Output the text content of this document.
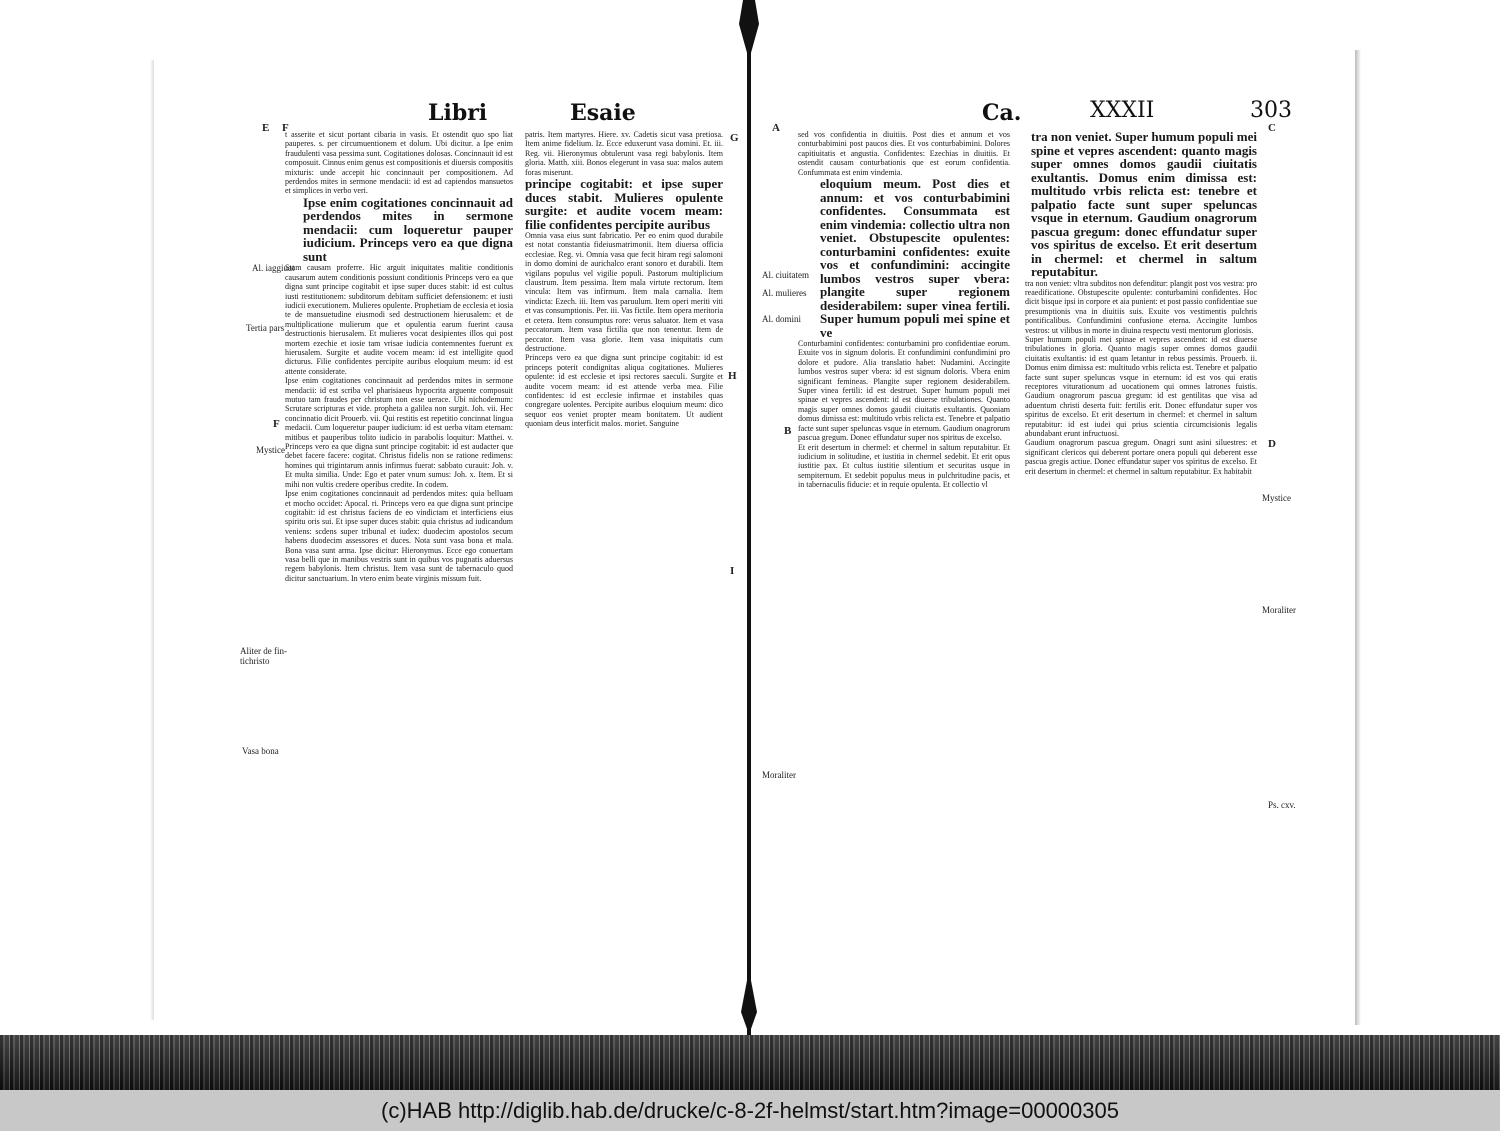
Libri	Esaie
E F
Al. iaggiuat
Tertia pars
F
Mystice
Aliter de fin-
tichristo
Vasa bona
G
H
I

t asserite et sicut portant cibaria in vasis. Et ostendit quo spo liat pauperes. s. per circumuentionem et dolum. Ubi dicitur. a Ipe enim fraudulenti vasa pessima sunt. Cogitationes dolosas. Concinnauit id est composuit. Cinnus enim genus est compositionis et diuersis compositis mixturis: unde accepit hic concinnauit per compositionem. Ad perdendos mites in sermone mendacii: id est ad capiendos mansuetos et simplices in verbo veri.

Ipse enim cogitationes concinnauit ad perdendos mites in sermone mendacii: cum loqueretur pauper iudicium. Princeps vero ea que digna sunt

Stam causam proferre. Hic arguit iniquitates malitie conditionis causarum autem conditionis possiunt conditionis Princeps vero ea que digna sunt principe cogitabit et ipse super duces stabit: id est cultus iusti restitutionem: subditorum debitam sufficiet defensionem: et iusti iudicii executionem. Mulieres opulente. Prophetiam de ecclesia et iosia te de mansuetudine eiusmodi sed destructionem hierusalem: et de multiplicatione mulierum que et opulentia earum fuerint causa destructionis hierusalem. Et mulieres vocat desipientes illos qui post mortem ezechie et iosie tam vrisae iudicia contemnentes fuerunt ex hierusalem. Surgite et audite vocem meam: id est intelligite quod dicturus. Filie confidentes percipite auribus eloquium meum: id est attente considerate.

Ipse enim cogitationes concinnauit ad perdendos mites in sermone mendacii: id est scriba vel pharisiaeus hypocrita arguente composuit mutuo tam fraudes per christum non esse uerace. Ubi nichodemum: Scrutare scripturas et vide. propheta a galilea non surgit. Joh. vii. Hec concinnatio dicit Prouerb. vii. Qui restitis est repetitio concinnat lingua medacii. Cum loqueretur pauper iudicium: id est uerba vitam eternam: mitibus et pauperibus tolito iudicio in parabolis loquitur: Matthei. v. Princeps vero ea que digna sunt principe cogitabit: id est audacter que debet facere facere: cogitat. Christus fidelis non se ratione redimens: homines qui trigintarum annis infirmus fuerat: sabbato curauit: Joh. v. Et multa similia. Unde: Ego et pater vnum sumus: Joh. x. Item. Et si mihi non vultis credere operibus credite. In codem.

Ipse enim cogitationes concinnauit ad perdendos mites: quia belluam et mocho occidet: Apocal. ri. Princeps vero ea que digna sunt principe cogitabit: id est christus faciens de eo vindictam et interficiens eius spiritu oris sui. Et ipse super duces stabit: quia christus ad iudicandum veniens: scdens super tribunal et iudex: duodecim apostolos secum habens duodecim assessores et duces. Nota sunt vasa bona et mala. Bona vasa sunt arma. Ipse dicitur: Hieronymus. Ecce ego conuertam vasa belli que in manibus vestris sunt in quibus vos pugnatis aduersus regem babylonis. Item christus. Item vasa sunt de tabernaculo quod dicitur sanctuarium. In vtero enim beate virginis missum fuit.

patris. Item martyres. Hiere. xv. Cadetis sicut vasa pretiosa. Item anime fidelium. Iz. Ecce eduxerunt vasa domini. Et. iii. Reg. vii. Hieronymus obtulerunt vasa regi babylonis. Item gloria. Matth. xiii. Bonos elegerunt in vasa sua: malos autem foras miserunt.

principe cogitabit: et ipse super duces stabit. Mulieres opulente surgite: et audite vocem meam: filie confidentes percipite auribus

Omnia vasa eius sunt fabricatio. Per eo enim quod durabile est notat constantia fideiusmatrimonii. Item diuersa officia ecclesiae. Reg. vi. Omnia vasa que fecit hiram regi salomoni in domo domini de aurichalco erant sonoro et durabili. Item vigilans populus vel vigilie populi. Pastorum multiplicium claustrum. Item pessima. Item mala virtute rectorum. Item vincula: Item vas infirmum. Item mala carnalia. Item vindicta: Ezech. iii. Item vas paruulum. Item operi meriti viti et vas consumptionis. Per. iii. Vas fictile. Item opera meritoria et cetera. Item consumptus rore: verus saluator. Item et vasa peccatorum. Item vasa fictilia que non tenentur. Item de peccator. Item vasa glorie. Item vasa iniquitatis cum destructione.

Princeps vero ea que digna sunt principe cogitabit: id est princeps poterit condignitas aliqua cogitationes. Mulieres opulente: id est ecclesie et ipsi rectores saeculi. Surgite et audite vocem meam: id est attende verba mea. Filie confidentes: id est ecclesie infirmae et instabiles quas congregare uolentes. Percipite auribus eloquium meum: dico sequor eos veniet propter meam bonitatem. Ut audient quoniam deus interficit malos. moriet. Sanguine

Ca.	XXXII	303
A
Al. ciuitatem
Al. mulieres
Al. domini
B
Moraliter
C
D
Mystice
Moraliter
Ps. cxv.

sed vos confidentia in diuitiis. Post dies et annum et vos conturbabimini post paucos dies. Et vos conturbabimini. Dolores capitiuitatis et angustia. Confidentes: Ezechias in diuitiis. Et ostendit causam conturbationis que est eorum confidentia. Confummata est enim vindemia.

eloquium meum. Post dies et annum: et vos conturbabimini confidentes. Consummata est enim vindemia: collectio ultra non veniet. Obstupescite opulentes: conturbamini confidentes: exuite vos et confundimini: accingite lumbos vestros super vbera: plangite super regionem desiderabilem: super vinea fertili. Super humum populi mei spine et ve

Conturbamini confidentes: conturbamini pro confidentiae eorum. Exuite vos in signum doloris. Et confundimini confundimini pro dolore et pudore. Alia translatio habet: Nudamini. Accingite lumbos vestros super vbera: id est signum doloris. Vbera enim significant femineas. Plangite super regionem desiderabilem. Super vinea fertili: id est destruet. Super humum populi mei spinae et vepres ascendent: id est diuerse tribulationes. Quanto magis super omnes domos gaudii ciuitatis exultantis. Quoniam domus dimissa est: multitudo vrbis relicta est. Tenebre et palpatio facte sunt super speluncas vsque in eternum. Gaudium onagrorum pascua gregum. Donec effundatur super nos spiritus de excelso.

Et erit desertum in chermel: et chermel in saltum reputabitur. Et iudicium in solitudine, et iustitia in chermel sedebit. Et erit opus iustitie pax. Et cultus iustitie silentium et securitas usque in sempiternum. Et sedebit populus meus in pulchritudine pacis, et in tabernaculis fiducie: et in requie opulenta. Et collectio vl

tra non veniet. Super humum populi mei spine et vepres ascendent: quanto magis super omnes domos gaudii ciuitatis exultantis. Domus enim dimissa est: multitudo vrbis relicta est: tenebre et palpatio facte sunt super speluncas vsque in eternum. Gaudium onagrorum pascua gregum: donec effundatur super vos spiritus de excelso. Et erit desertum in chermel: et chermel in saltum reputabitur.

tra non veniet: vltra subditos non defenditur: plangit post vos vestra: pro reaedificatione. Obstupescite opulente: conturbamini confidentes. Hoc dicit bisque ipsi in corpore et aia punient: et post passio confidentiae sue presumptionis vna in diuitiis suis. Exuite vos vestimentis pulchris pontificalibus. Confundimini confusione eterna. Accingite lumbos vestros: ut vilibus in morte in diuina respectu vesti mentorum gloriosis.

Super humum populi mei spinae et vepres ascendent: id est diuerse tribulationes in gloria. Quanto magis super omnes domos gaudii ciuitatis exultantis: id est quam letantur in rebus pessimis. Prouerb. ii. Domus enim dimissa est: multitudo vrbis relicta est. Tenebre et palpatio facte sunt super speluncas vsque in eternum: id est vos qui eratis receptores viturationum ad uocationem qui omnes latrones fuistis. Gaudium onagrorum pascua gregum: id est gentilitas que visa ad aduentum christi deserta fuit: fertilis erit. Donec effundatur super vos spiritus de excelso. Et erit desertum in chermel: et chermel in saltum reputabitur: id est iudei qui prius scientia circumcisionis legalis abundabant erunt infructuosi.

Gaudium onagrorum pascua gregum. Onagri sunt asini siluestres: et significant clericos qui deberent portare onera populi qui deberent esse pascua gregis actiue. Donec effundatur super vos spiritus de excelso. Et erit desertum in chermel: et chermel in saltum reputabitur. Ex habitabit

(c)HAB http://diglib.hab.de/drucke/c-8-2f-helmst/start.htm?image=00000305
